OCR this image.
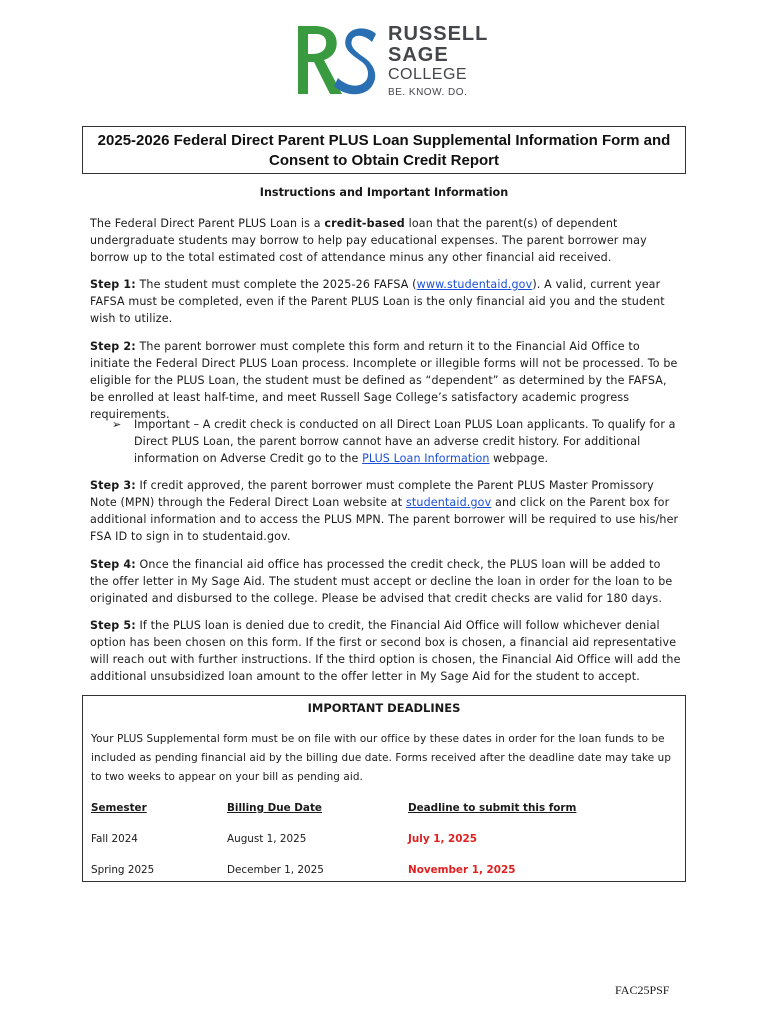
RUSSELL
SAGE
COLLEGE
BE. KNOW. DO.
2025-2026 Federal Direct Parent PLUS Loan Supplemental Information Form and
Consent to Obtain Credit Report
Instructions and Important Information
The Federal Direct Parent PLUS Loan is a credit-based loan that the parent(s) of dependent undergraduate students may borrow to help pay educational expenses. The parent borrower may borrow up to the total estimated cost of attendance minus any other financial aid received.
Step 1: The student must complete the 2025-26 FAFSA (www.studentaid.gov). A valid, current year FAFSA must be completed, even if the Parent PLUS Loan is the only financial aid you and the student wish to utilize.
Step 2: The parent borrower must complete this form and return it to the Financial Aid Office to initiate the Federal Direct PLUS Loan process. Incomplete or illegible forms will not be processed. To be eligible for the PLUS Loan, the student must be defined as “dependent” as determined by the FAFSA, be enrolled at least half-time, and meet Russell Sage College’s satisfactory academic progress requirements.
➢ Important – A credit check is conducted on all Direct Loan PLUS Loan applicants. To qualify for a Direct PLUS Loan, the parent borrow cannot have an adverse credit history. For additional information on Adverse Credit go to the PLUS Loan Information webpage.
Step 3: If credit approved, the parent borrower must complete the Parent PLUS Master Promissory Note (MPN) through the Federal Direct Loan website at studentaid.gov and click on the Parent box for additional information and to access the PLUS MPN. The parent borrower will be required to use his/her FSA ID to sign in to studentaid.gov.
Step 4: Once the financial aid office has processed the credit check, the PLUS loan will be added to the offer letter in My Sage Aid. The student must accept or decline the loan in order for the loan to be originated and disbursed to the college. Please be advised that credit checks are valid for 180 days.
Step 5: If the PLUS loan is denied due to credit, the Financial Aid Office will follow whichever denial option has been chosen on this form. If the first or second box is chosen, a financial aid representative will reach out with further instructions. If the third option is chosen, the Financial Aid Office will add the additional unsubsidized loan amount to the offer letter in My Sage Aid for the student to accept.
IMPORTANT DEADLINES
Your PLUS Supplemental form must be on file with our office by these dates in order for the loan funds to be included as pending financial aid by the billing due date. Forms received after the deadline date may take up to two weeks to appear on your bill as pending aid.
Semester	Billing Due Date	Deadline to submit this form
Fall 2024	August 1, 2025	July 1, 2025
Spring 2025	December 1, 2025	November 1, 2025
FAC25PSF
